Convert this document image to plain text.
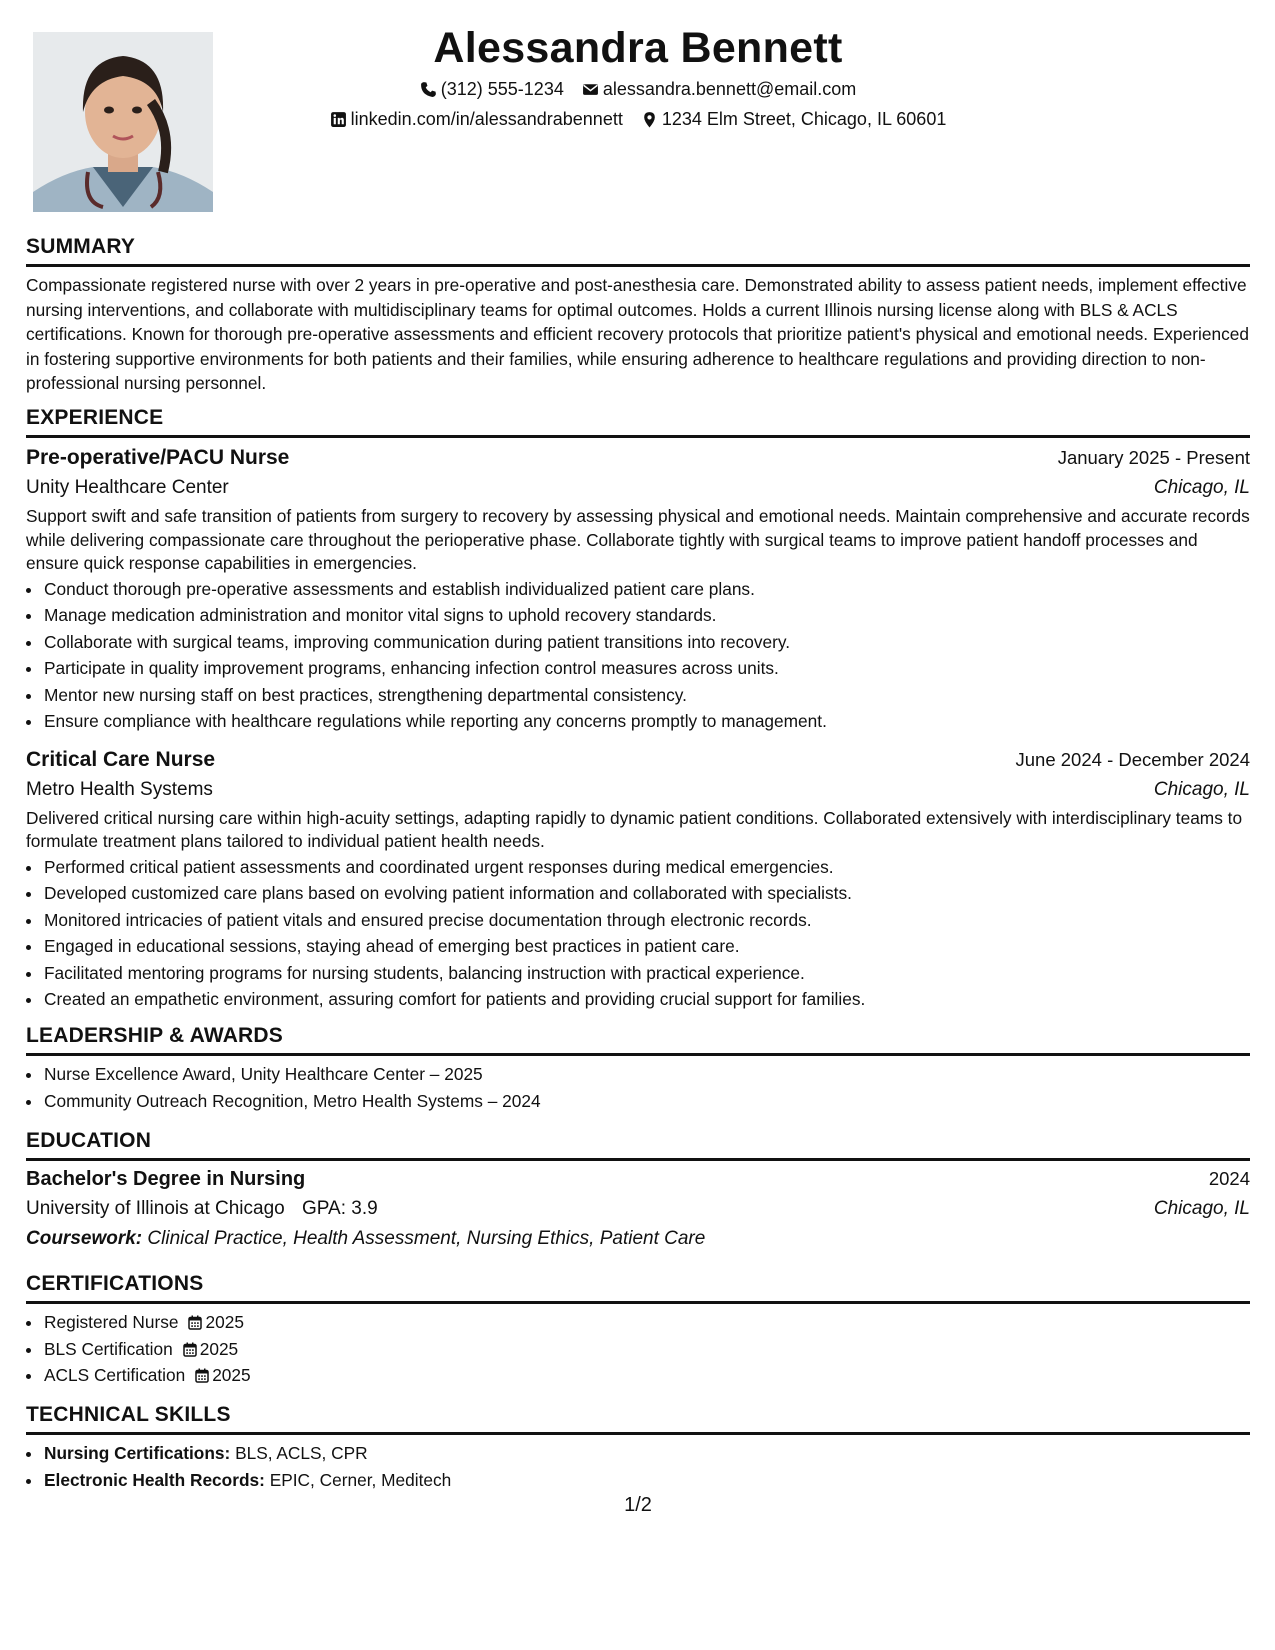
Alessandra Bennett
(312) 555-1234 alessandra.bennett@email.com
linkedin.com/in/alessandrabennett 1234 Elm Street, Chicago, IL 60601
SUMMARY

Compassionate registered nurse with over 2 years in pre-operative and post-anesthesia care. Demonstrated ability to assess patient needs, implement effective nursing interventions, and collaborate with multidisciplinary teams for optimal outcomes. Holds a current Illinois nursing license along with BLS & ACLS certifications. Known for thorough pre-operative assessments and efficient recovery protocols that prioritize patient's physical and emotional needs. Experienced in fostering supportive environments for both patients and their families, while ensuring adherence to healthcare regulations and providing direction to non-professional nursing personnel.

EXPERIENCE
Pre-operative/PACU Nurse	January 2025 - Present
Unity Healthcare Center	Chicago, IL

Support swift and safe transition of patients from surgery to recovery by assessing physical and emotional needs. Maintain comprehensive and accurate records while delivering compassionate care throughout the perioperative phase. Collaborate tightly with surgical teams to improve patient handoff processes and ensure quick response capabilities in emergencies.

• Conduct thorough pre-operative assessments and establish individualized patient care plans.
• Manage medication administration and monitor vital signs to uphold recovery standards.
• Collaborate with surgical teams, improving communication during patient transitions into recovery.
• Participate in quality improvement programs, enhancing infection control measures across units.
• Mentor new nursing staff on best practices, strengthening departmental consistency.
• Ensure compliance with healthcare regulations while reporting any concerns promptly to management.
Critical Care Nurse	June 2024 - December 2024
Metro Health Systems	Chicago, IL

Delivered critical nursing care within high-acuity settings, adapting rapidly to dynamic patient conditions. Collaborated extensively with interdisciplinary teams to formulate treatment plans tailored to individual patient health needs.

• Performed critical patient assessments and coordinated urgent responses during medical emergencies.
• Developed customized care plans based on evolving patient information and collaborated with specialists.
• Monitored intricacies of patient vitals and ensured precise documentation through electronic records.
• Engaged in educational sessions, staying ahead of emerging best practices in patient care.
• Facilitated mentoring programs for nursing students, balancing instruction with practical experience.
• Created an empathetic environment, assuring comfort for patients and providing crucial support for families.
LEADERSHIP & AWARDS
• Nurse Excellence Award, Unity Healthcare Center – 2025
• Community Outreach Recognition, Metro Health Systems – 2024
EDUCATION
Bachelor's Degree in Nursing	2024
University of Illinois at Chicago GPA: 3.9	Chicago, IL
Coursework: Clinical Practice, Health Assessment, Nursing Ethics, Patient Care
CERTIFICATIONS
• Registered Nurse 2025
• BLS Certification 2025
• ACLS Certification 2025
TECHNICAL SKILLS
• Nursing Certifications: BLS, ACLS, CPR
• Electronic Health Records: EPIC, Cerner, Meditech
1/2
